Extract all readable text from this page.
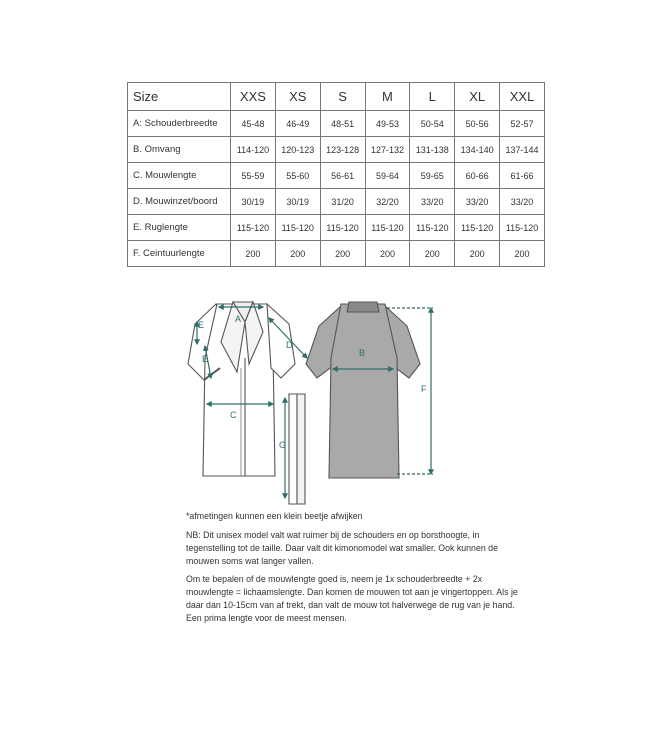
Size	XXS	XS	S	M	L	XL	XXL
A: Schouderbreedte	45-48	46-49	48-51	49-53	50-54	50-56	52-57
B. Omvang	114-120	120-123	123-128	127-132	131-138	134-140	137-144
C. Mouwlengte	55-59	55-60	56-61	59-64	59-65	60-66	61-66
D. Mouwinzet/boord	30/19	30/19	31/20	32/20	33/20	33/20	33/20
E. Ruglengte	115-120	115-120	115-120	115-120	115-120	115-120	115-120
F. Ceintuurlengte	200	200	200	200	200	200	200
A
D
E
E
C
B
F
G

*afmetingen kunnen een klein beetje afwijken

NB: Dit unisex model valt wat ruimer bij de schouders en op borsthoogte, in tegenstelling tot de taille. Daar valt dit kimonomodel wat smaller. Ook kunnen de mouwen soms wat langer vallen.

Om te bepalen of de mouwlengte goed is, neem je 1x schouderbreedte + 2x mouwlengte = lichaamslengte. Dan komen de mouwen tot aan je vingertoppen. Als je daar dan 10-15cm van af trekt, dan valt de mouw tot halverwege de rug van je hand. Een prima lengte voor de meest mensen.
